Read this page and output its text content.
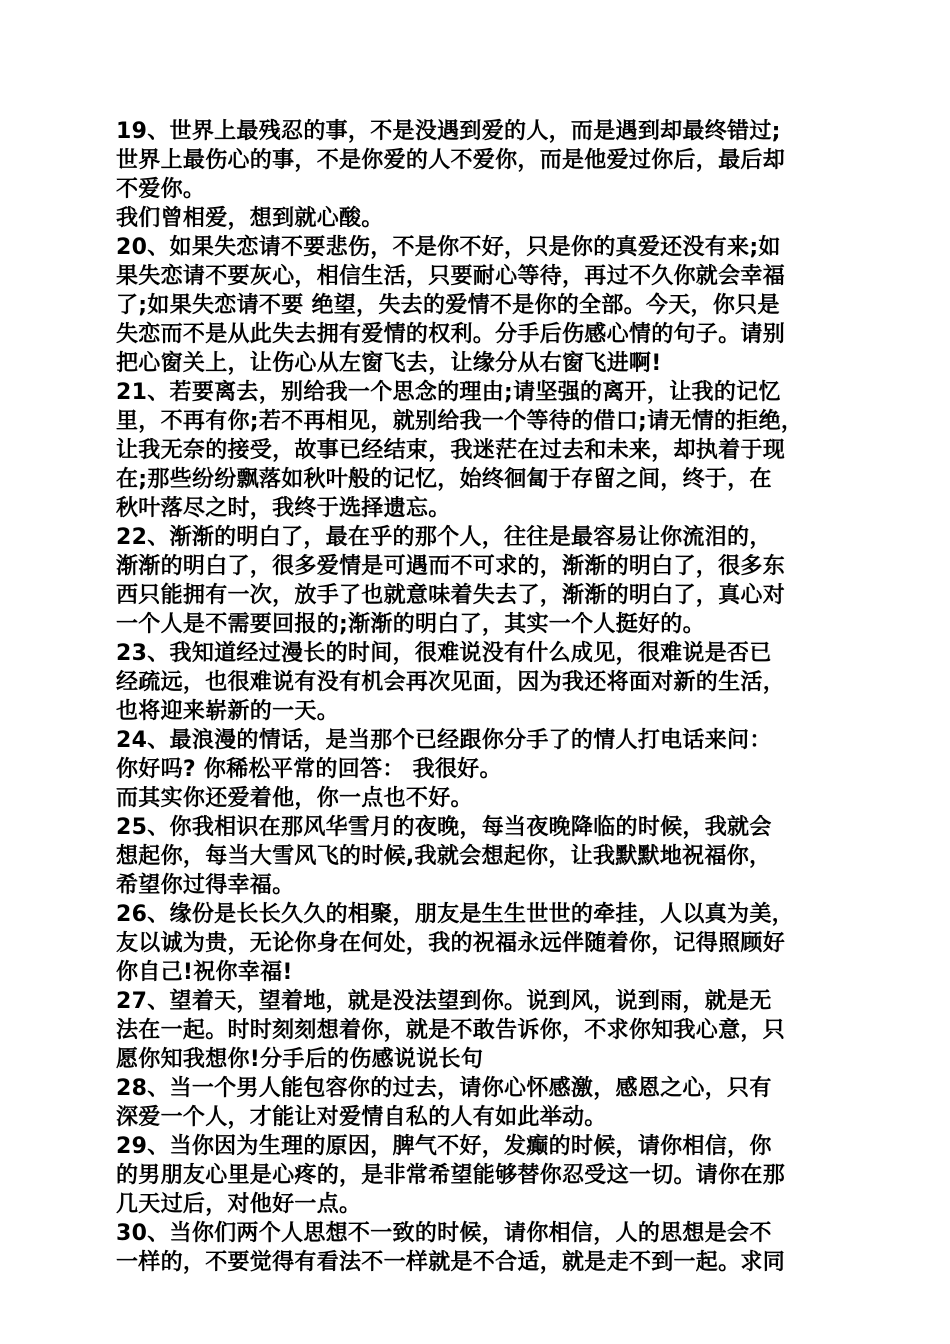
19、世界上最残忍的事，不是没遇到爱的人，而是遇到却最终错过;
世界上最伤心的事，不是你爱的人不爱你，而是他爱过你后，最后却
不爱你。
我们曾相爱，想到就心酸。
20、如果失恋请不要悲伤，不是你不好，只是你的真爱还没有来;如
果失恋请不要灰心，相信生活，只要耐心等待，再过不久你就会幸福
了;如果失恋请不要 绝望，失去的爱情不是你的全部。今天，你只是
失恋而不是从此失去拥有爱情的权利。分手后伤感心情的句子。请别
把心窗关上，让伤心从左窗飞去，让缘分从右窗飞进啊!
21、若要离去，别给我一个思念的理由;请坚强的离开，让我的记忆
里，不再有你;若不再相见，就别给我一个等待的借口;请无情的拒绝，
让我无奈的接受，故事已经结束，我迷茫在过去和未来，却执着于现
在;那些纷纷飘落如秋叶般的记忆，始终徊匐于存留之间，终于，在
秋叶落尽之时，我终于选择遗忘。
22、渐渐的明白了，最在乎的那个人，往往是最容易让你流泪的，
渐渐的明白了，很多爱情是可遇而不可求的，渐渐的明白了，很多东
西只能拥有一次，放手了也就意味着失去了，渐渐的明白了，真心对
一个人是不需要回报的;渐渐的明白了，其实一个人挺好的。
23、我知道经过漫长的时间，很难说没有什么成见，很难说是否已
经疏远，也很难说有没有机会再次见面，因为我还将面对新的生活，
也将迎来崭新的一天。
24、最浪漫的情话，是当那个已经跟你分手了的情人打电话来问：
你好吗? 你稀松平常的回答： 我很好。
而其实你还爱着他，你一点也不好。
25、你我相识在那风华雪月的夜晚，每当夜晚降临的时候，我就会
想起你，每当大雪风飞的时候,我就会想起你，让我默默地祝福你，
希望你过得幸福。
26、缘份是长长久久的相聚，朋友是生生世世的牵挂，人以真为美，
友以诚为贵，无论你身在何处，我的祝福永远伴随着你，记得照顾好
你自己!祝你幸福!
27、望着天，望着地，就是没法望到你。说到风，说到雨，就是无
法在一起。时时刻刻想着你，就是不敢告诉你，不求你知我心意，只
愿你知我想你!分手后的伤感说说长句
28、当一个男人能包容你的过去，请你心怀感激，感恩之心，只有
深爱一个人，才能让对爱情自私的人有如此举动。
29、当你因为生理的原因，脾气不好，发癫的时候，请你相信，你
的男朋友心里是心疼的，是非常希望能够替你忍受这一切。请你在那
几天过后，对他好一点。
30、当你们两个人思想不一致的时候，请你相信，人的思想是会不
一样的，不要觉得有看法不一样就是不合适，就是走不到一起。求同
